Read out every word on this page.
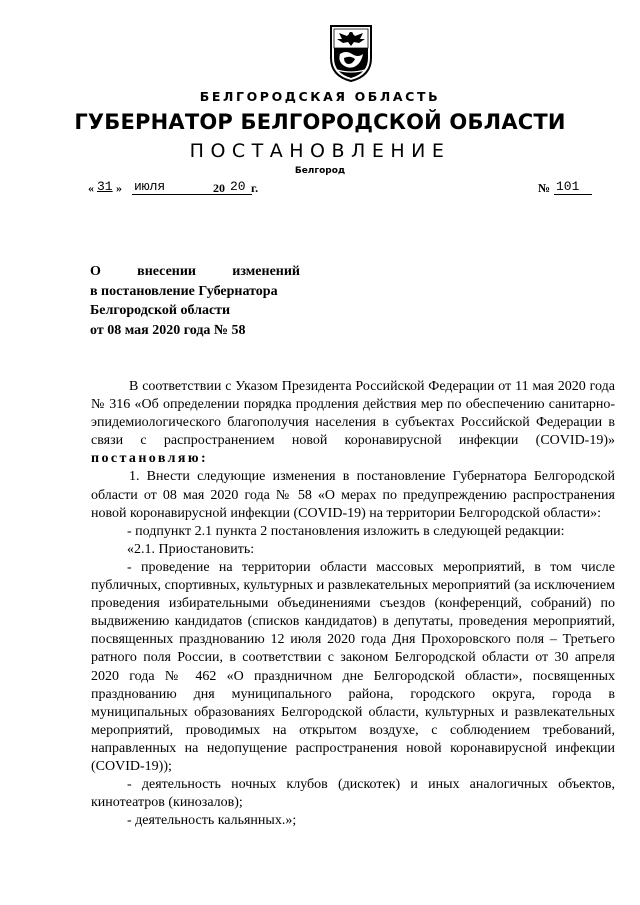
БЕЛГОРОДСКАЯ ОБЛАСТЬ
ГУБЕРНАТОР БЕЛГОРОДСКОЙ ОБЛАСТИ
ПОСТАНОВЛЕНИЕ
Белгород
« 31 » июля	20 20 г.	№ 101
О	внесении	изменений
в постановление Губернатора
Белгородской области
от 08 мая 2020 года № 58

В соответствии с Указом Президента Российской Федерации от 11 мая 2020 года № 316 «Об определении порядка продления действия мер по обеспечению санитарно-эпидемиологического благополучия населения в субъектах Российской Федерации в связи с распространением новой коронавирусной инфекции (COVID-19)» постановляю:

1. Внести следующие изменения в постановление Губернатора Белгородской области от 08 мая 2020 года № 58 «О мерах по предупреждению распространения новой коронавирусной инфекции (COVID-19) на территории Белгородской области»:

- подпункт 2.1 пункта 2 постановления изложить в следующей редакции:

«2.1. Приостановить:

- проведение на территории области массовых мероприятий, в том числе публичных, спортивных, культурных и развлекательных мероприятий (за исключением проведения избирательными объединениями съездов (конференций, собраний) по выдвижению кандидатов (списков кандидатов) в депутаты, проведения мероприятий, посвященных празднованию 12 июля 2020 года Дня Прохоровского поля – Третьего ратного поля России, в соответствии с законом Белгородской области от 30 апреля 2020 года № 462 «О праздничном дне Белгородской области», посвященных празднованию дня муниципального района, городского округа, города в муниципальных образованиях Белгородской области, культурных и развлекательных мероприятий, проводимых на открытом воздухе, с соблюдением требований, направленных на недопущение распространения новой коронавирусной инфекции (COVID-19));

- деятельность ночных клубов (дискотек) и иных аналогичных объектов, кинотеатров (кинозалов);

- деятельность кальянных.»;
